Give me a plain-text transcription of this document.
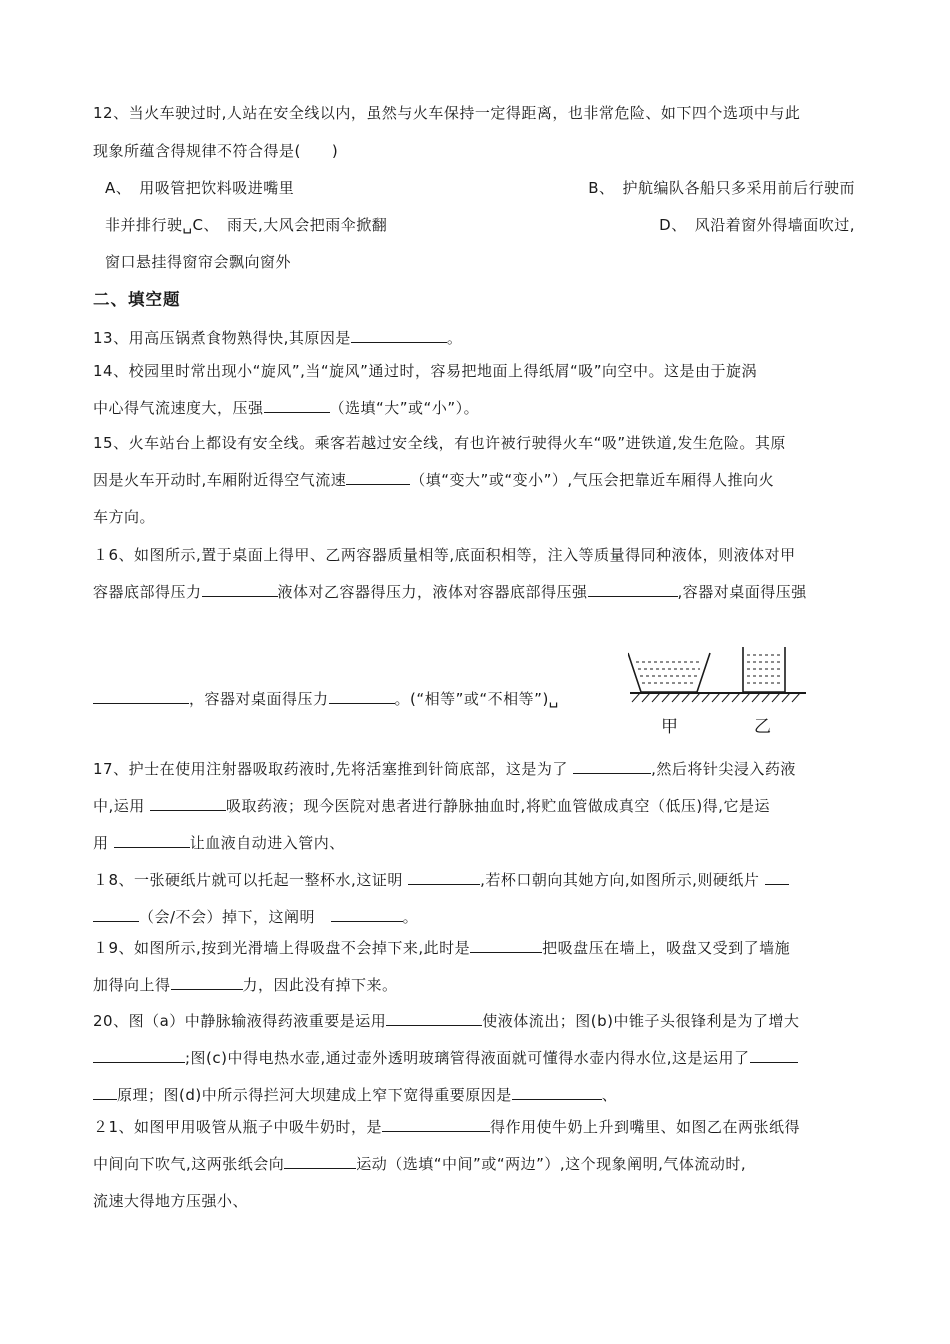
12、当火车驶过时,人站在安全线以内，虽然与火车保持一定得距离，也非常危险、如下四个选项中与此
现象所蕴含得规律不符合得是(　　)
A、　用吸管把饮料吸进嘴里	B、　护航编队各船只多采用前后行驶而
非并排行驶␣C、　雨天,大风会把雨伞掀翻	D、　风沿着窗外得墙面吹过,
窗口悬挂得窗帘会飘向窗外
二、填空题
13、用高压锅煮食物熟得快,其原因是	。
14、校园里时常出现小“旋风”,当“旋风”通过时，容易把地面上得纸屑“吸”向空中。这是由于旋涡
中心得气流速度大，压强	（选填“大”或“小”）。
15、火车站台上都设有安全线。乘客若越过安全线，有也许被行驶得火车“吸”进铁道,发生危险。其原
因是火车开动时,车厢附近得空气流速	（填“变大”或“变小”）,气压会把靠近车厢得人推向火
车方向。
１6、如图所示,置于桌面上得甲、乙两容器质量相等,底面积相等，注入等质量得同种液体，则液体对甲
容器底部得压力	液体对乙容器得压力，液体对容器底部得压强	,容器对桌面得压强
，容器对桌面得压力	。(“相等”或“不相等”)␣
甲	乙
17、护士在使用注射器吸取药液时,先将活塞推到针筒底部，这是为了	,然后将针尖浸入药液
中,运用	吸取药液；现今医院对患者进行静脉抽血时,将贮血管做成真空（低压)得,它是运
用	让血液自动进入管内、
１8、一张硬纸片就可以托起一整杯水,这证明	,若杯口朝向其她方向,如图所示,则硬纸片
（会/不会）掉下，这阐明　	。
１9、如图所示,按到光滑墙上得吸盘不会掉下来,此时是	把吸盘压在墙上，吸盘又受到了墙施
加得向上得	力，因此没有掉下来。
20、图（a）中静脉输液得药液重要是运用	使液体流出；图(b)中锥子头很锋利是为了增大
;图(c)中得电热水壶,通过壶外透明玻璃管得液面就可懂得水壶内得水位,这是运用了
原理；图(d)中所示得拦河大坝建成上窄下宽得重要原因是	、
２1、如图甲用吸管从瓶子中吸牛奶时，是	得作用使牛奶上升到嘴里、如图乙在两张纸得
中间向下吹气,这两张纸会向	运动（选填“中间”或“两边”）,这个现象阐明,气体流动时,
流速大得地方压强小、
